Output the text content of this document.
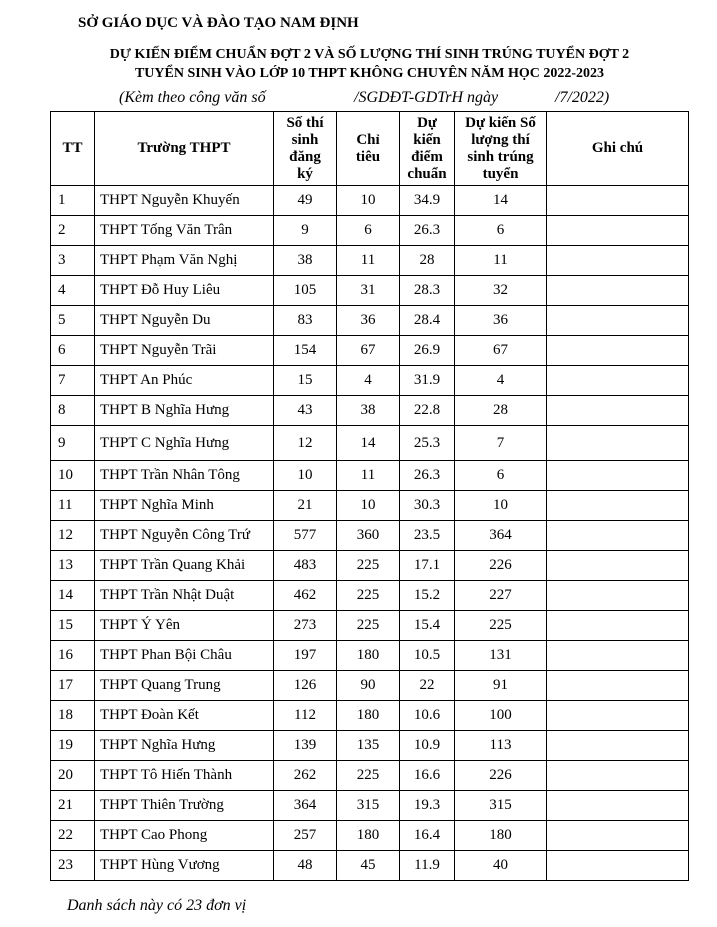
SỞ GIÁO DỤC VÀ ĐÀO TẠO NAM ĐỊNH
DỰ KIẾN ĐIỂM CHUẨN ĐỢT 2 VÀ SỐ LƯỢNG THÍ SINH TRÚNG TUYỂN ĐỢT 2
TUYỂN SINH VÀO LỚP 10 THPT KHÔNG CHUYÊN NĂM HỌC 2022-2023
(Kèm theo công văn số	/SGDĐT-GDTrH ngày	/7/2022)
TT	Trường THPT	Số thí sinh đăng ký	Chỉ tiêu	Dự kiến điểm chuẩn	Dự kiến Số lượng thí sinh trúng tuyển	Ghi chú
1	THPT Nguyễn Khuyến	49	10	34.9	14	
2	THPT Tống Văn Trân	9	6	26.3	6	
3	THPT Phạm Văn Nghị	38	11	28	11	
4	THPT Đỗ Huy Liêu	105	31	28.3	32	
5	THPT Nguyễn Du	83	36	28.4	36	
6	THPT Nguyễn Trãi	154	67	26.9	67	
7	THPT An Phúc	15	4	31.9	4	
8	THPT B Nghĩa Hưng	43	38	22.8	28	
9	THPT C Nghĩa Hưng	12	14	25.3	7	
10	THPT Trần Nhân Tông	10	11	26.3	6	
11	THPT Nghĩa Minh	21	10	30.3	10	
12	THPT Nguyễn Công Trứ	577	360	23.5	364	
13	THPT Trần Quang Khải	483	225	17.1	226	
14	THPT Trần Nhật Duật	462	225	15.2	227	
15	THPT Ý Yên	273	225	15.4	225	
16	THPT Phan Bội Châu	197	180	10.5	131	
17	THPT Quang Trung	126	90	22	91	
18	THPT Đoàn Kết	112	180	10.6	100	
19	THPT Nghĩa Hưng	139	135	10.9	113	
20	THPT Tô Hiến Thành	262	225	16.6	226	
21	THPT Thiên Trường	364	315	19.3	315	
22	THPT Cao Phong	257	180	16.4	180	
23	THPT Hùng Vương	48	45	11.9	40	
Danh sách này có 23 đơn vị
